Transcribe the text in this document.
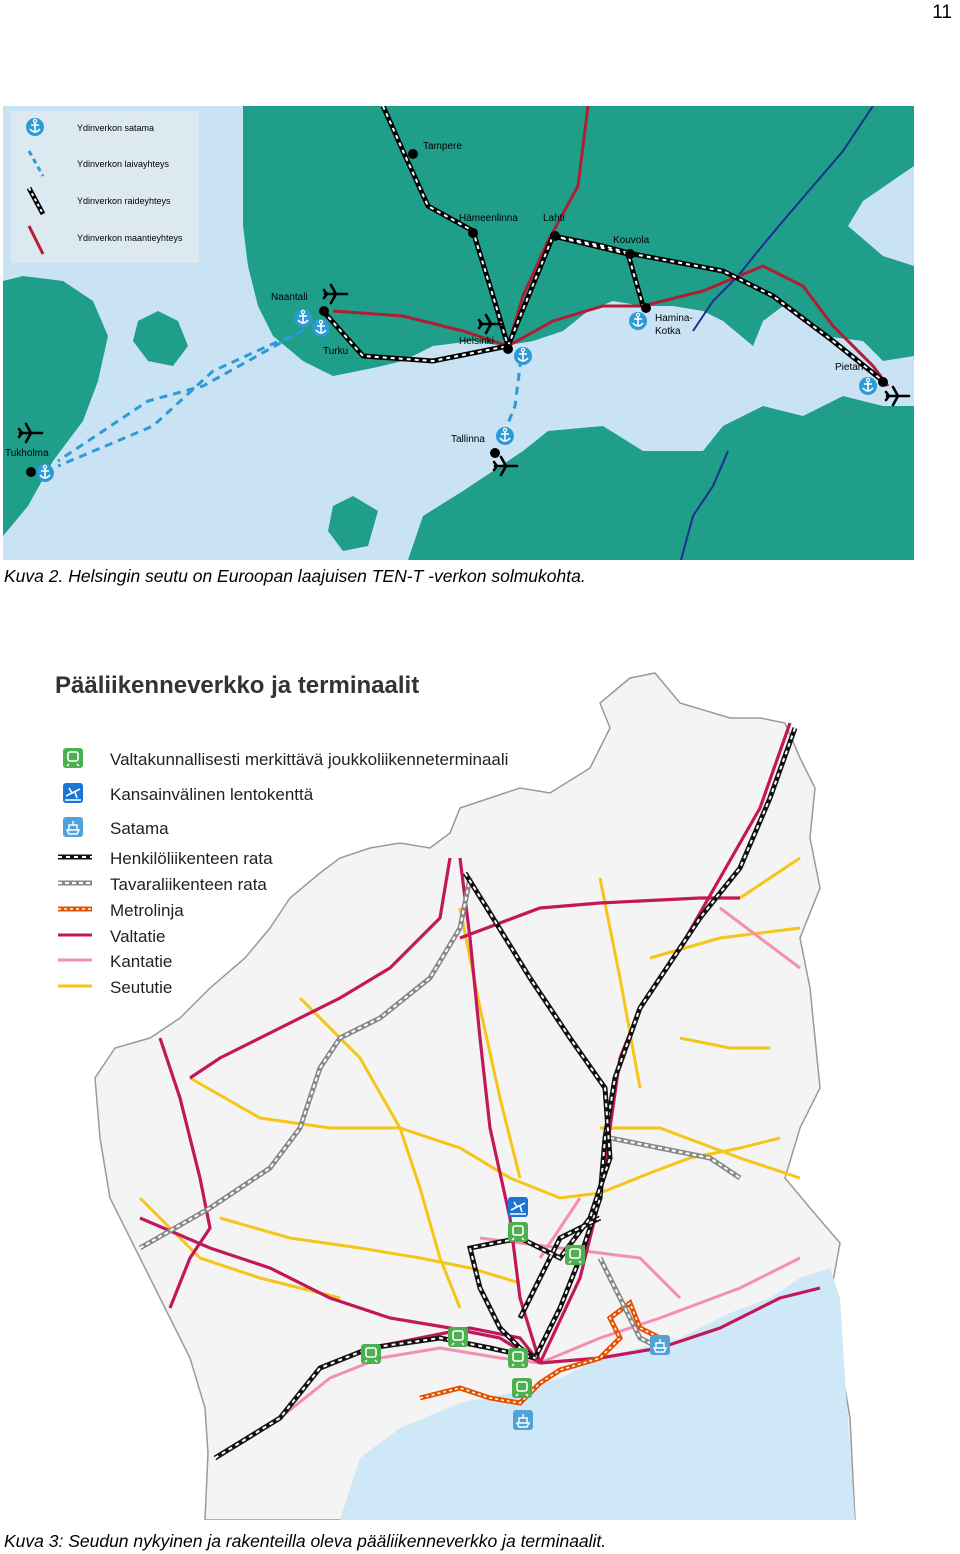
11
Ydinverkon satama
Ydinverkon laivayhteys
Ydinverkon raideyhteys
Ydinverkon maantieyhteys
Tampere
Hämeenlinna	Lahti
Kouvola
Naantali
Turku
Helsinki
Hamina-
Kotka
Pietari
Tallinna
Tukholma
Kuva 2. Helsingin seutu on Euroopan laajuisen TEN-T -verkon solmukohta.
Pääliikenneverkko ja terminaalit
Valtakunnallisesti merkittävä joukkoliikenneterminaali
Kansainvälinen lentokenttä
Satama
Henkilöliikenteen rata
Tavaraliikenteen rata
Metrolinja
Valtatie
Kantatie
Seututie
Kuva 3: Seudun nykyinen ja rakenteilla oleva pääliikenneverkko ja terminaalit.
